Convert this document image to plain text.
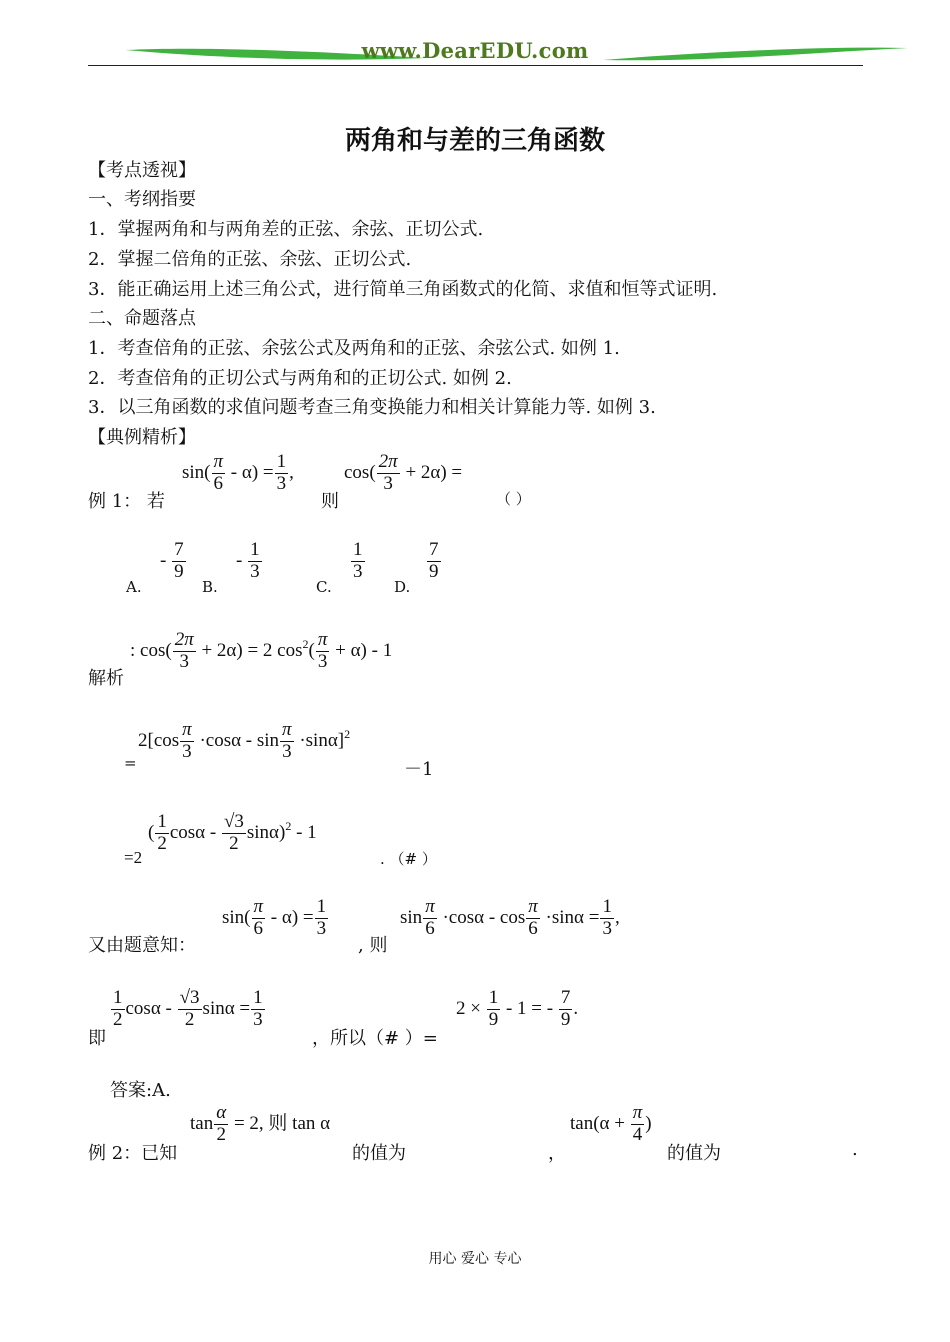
www.DearEDU.com
两角和与差的三角函数
【考点透视】
一、考纲指要
1．掌握两角和与两角差的正弦、余弦、正切公式.
2．掌握二倍角的正弦、余弦、正切公式.
3．能正确运用上述三角公式，进行简单三角函数式的化简、求值和恒等式证明.
二、命题落点
1．考查倍角的正弦、余弦公式及两角和的正弦、余弦公式. 如例 1.
2．考查倍角的正切公式与两角和的正切公式. 如例 2.
3．以三角函数的求值问题考查三角变换能力和相关计算能力等. 如例 3.
【典例精析】
例 1： 若
$\sin( \frac{\pi}{6} - \alpha) = \frac{1}{3}$ ,
则
$\cos( \frac{2\pi}{3} + 2\alpha)$ =
（ ）
A.
- $\frac{7}{9}$
B.
- $\frac{1}{3}$
C.
$\frac{1}{3}$
D.
$\frac{7}{9}$
解析
: $\cos( \frac{2\pi}{3} + 2\alpha) = 2$ $\cos^2( \frac{\pi}{3} + \alpha) - 1$
=
$2[\cos \frac{\pi}{3} \cdot\cos\alpha - \sin \frac{\pi}{3} \cdot\sin\alpha]^2$
－1
=2
( $\frac{1}{2}$ cosα - $\frac{√3}{2} \sin\alpha)^2 - 1$
. （# ）
又由题意知：
$\sin( \frac{\pi}{6} - \alpha) = \frac{1}{3}$
, 则
$\sin \frac{\pi}{6} \cdot\cos\alpha - \cos \frac{\pi}{6} \cdot\sin\alpha = \frac{1}{3}$ ,
即
$\frac{1}{2}$ cosα - $\frac{√3}{2}$ $\sin\alpha = \frac{1}{3}$
，所以（# ）=
$2 \times \frac{1}{9} - 1$ = - $\frac{7}{9}$ .
答案:A.
例 2：已知
$\tan \frac{\alpha}{2} = 2$, 则 tan α
的值为	，
$\tan(\alpha + \frac{\pi}{4}$ )
的值为	.
用心 爱心 专心
